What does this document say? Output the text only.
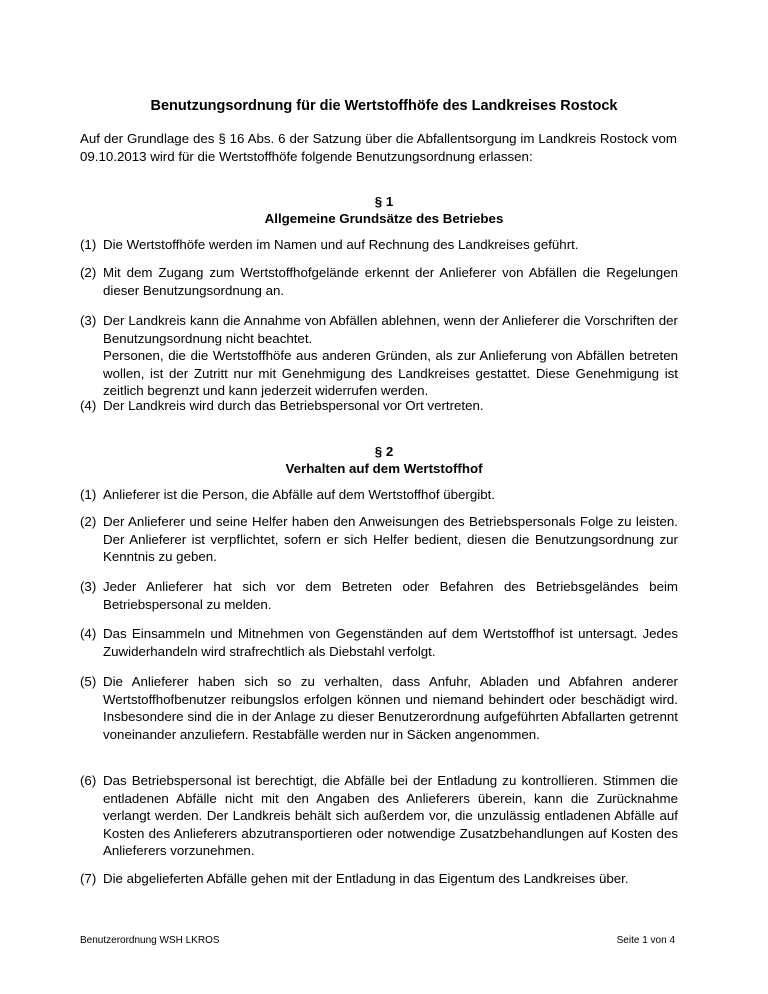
Benutzungsordnung für die Wertstoffhöfe des Landkreises Rostock
Auf der Grundlage des § 16 Abs. 6 der Satzung über die Abfallentsorgung im Landkreis Rostock vom 09.10.2013 wird für die Wertstoffhöfe folgende Benutzungsordnung erlassen:
§ 1
Allgemeine Grundsätze des Betriebes
(1) Die Wertstoffhöfe werden im Namen und auf Rechnung des Landkreises geführt.
(2) Mit dem Zugang zum Wertstoffhofgelände erkennt der Anlieferer von Abfällen die Regelungen dieser Benutzungsordnung an.
(3) Der Landkreis kann die Annahme von Abfällen ablehnen, wenn der Anlieferer die Vorschriften der Benutzungsordnung nicht beachtet.
Personen, die die Wertstoffhöfe aus anderen Gründen, als zur Anlieferung von Abfällen betreten wollen, ist der Zutritt nur mit Genehmigung des Landkreises gestattet. Diese Genehmigung ist zeitlich begrenzt und kann jederzeit widerrufen werden.
(4) Der Landkreis wird durch das Betriebspersonal vor Ort vertreten.
§ 2
Verhalten auf dem Wertstoffhof
(1) Anlieferer ist die Person, die Abfälle auf dem Wertstoffhof übergibt.
(2) Der Anlieferer und seine Helfer haben den Anweisungen des Betriebspersonals Folge zu leisten. Der Anlieferer ist verpflichtet, sofern er sich Helfer bedient, diesen die Benutzungsordnung zur Kenntnis zu geben.
(3) Jeder Anlieferer hat sich vor dem Betreten oder Befahren des Betriebsgeländes beim Betriebspersonal zu melden.
(4) Das Einsammeln und Mitnehmen von Gegenständen auf dem Wertstoffhof ist untersagt. Jedes Zuwiderhandeln wird strafrechtlich als Diebstahl verfolgt.
(5) Die Anlieferer haben sich so zu verhalten, dass Anfuhr, Abladen und Abfahren anderer Wertstoffhofbenutzer reibungslos erfolgen können und niemand behindert oder beschädigt wird. Insbesondere sind die in der Anlage zu dieser Benutzerordnung aufgeführten Abfallarten getrennt voneinander anzuliefern. Restabfälle werden nur in Säcken angenommen.
(6) Das Betriebspersonal ist berechtigt, die Abfälle bei der Entladung zu kontrollieren. Stimmen die entladenen Abfälle nicht mit den Angaben des Anlieferers überein, kann die Zurücknahme verlangt werden. Der Landkreis behält sich außerdem vor, die unzulässig entladenen Abfälle auf Kosten des Anlieferers abzutransportieren oder notwendige Zusatzbehandlungen auf Kosten des Anlieferers vorzunehmen.
(7) Die abgelieferten Abfälle gehen mit der Entladung in das Eigentum des Landkreises über.
Benutzerordnung WSH LKROS	Seite 1 von 4
